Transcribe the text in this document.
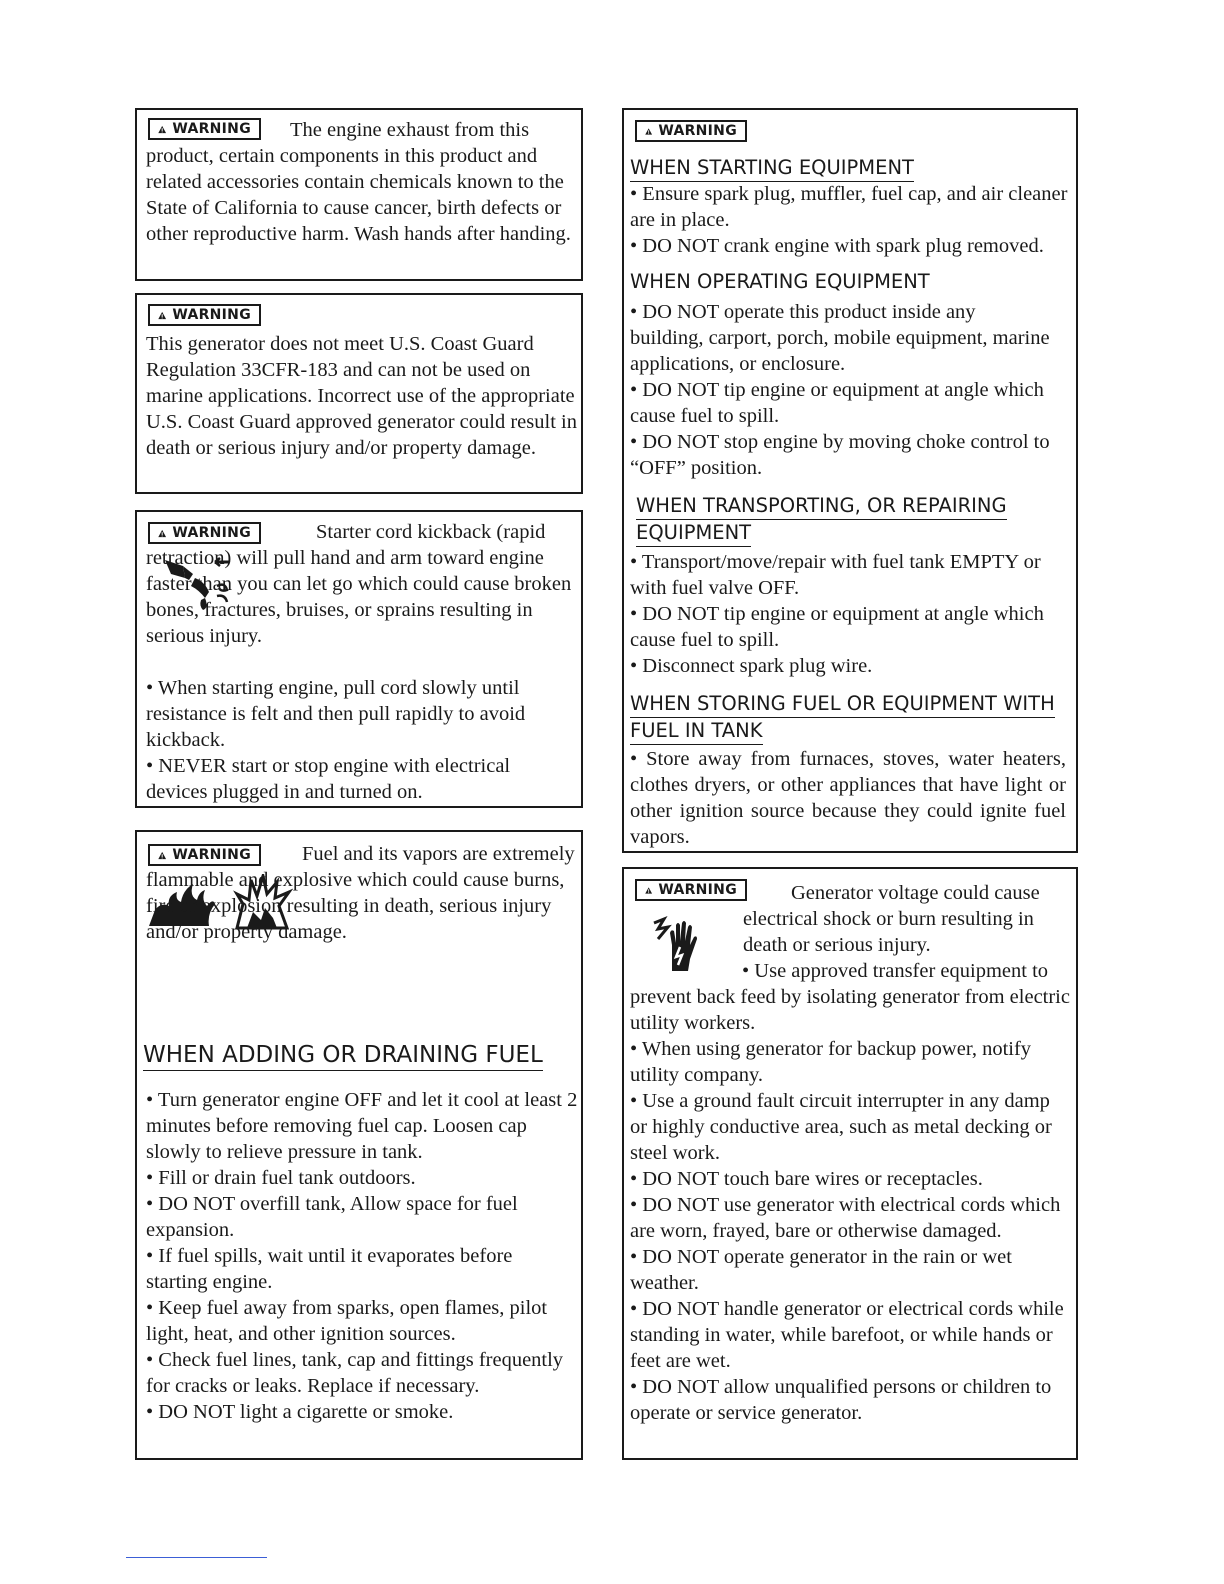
WARNING	The engine exhaust from this product, certain components in this product and related accessories contain chemicals known to the State of California to cause cancer, birth defects or other reproductive harm. Wash hands after handing.

WARNING

This generator does not meet U.S. Coast Guard Regulation 33CFR-183 and can not be used on marine applications. Incorrect use of the appropriate U.S. Coast Guard approved generator could result in death or serious injury and/or property damage.

WARNING	Starter cord kickback (rapid retraction) will pull hand and arm toward engine faster than you can let go which could cause broken bones, fractures, bruises, or sprains resulting in serious injury.

• When starting engine, pull cord slowly until resistance is felt and then pull rapidly to avoid kickback.

• NEVER start or stop engine with electrical devices plugged in and turned on.

WARNING	Fuel and its vapors are extremely flammable and explosive which could cause burns, fire or explosion resulting in death, serious injury and/or property damage.

WHEN ADDING OR DRAINING FUEL

• Turn generator engine OFF and let it cool at least 2 minutes before removing fuel cap. Loosen cap slowly to relieve pressure in tank.

• Fill or drain fuel tank outdoors.

• DO NOT overfill tank, Allow space for fuel expansion.

• If fuel spills, wait until it evaporates before starting engine.

• Keep fuel away from sparks, open flames, pilot light, heat, and other ignition sources.

• Check fuel lines, tank, cap and fittings frequently for cracks or leaks. Replace if necessary.

• DO NOT light a cigarette or smoke.

WARNING
WHEN STARTING EQUIPMENT

• Ensure spark plug, muffler, fuel cap, and air cleaner are in place.

• DO NOT crank engine with spark plug removed.

WHEN OPERATING EQUIPMENT

• DO NOT operate this product inside any building, carport, porch, mobile equipment, marine applications, or enclosure.

• DO NOT tip engine or equipment at angle which cause fuel to spill.

• DO NOT stop engine by moving choke control to “OFF” position.

WHEN TRANSPORTING, OR REPAIRING
EQUIPMENT

• Transport/move/repair with fuel tank EMPTY or with fuel valve OFF.

• DO NOT tip engine or equipment at angle which cause fuel to spill.

• Disconnect spark plug wire.

WHEN STORING FUEL OR EQUIPMENT WITH
FUEL IN TANK

• Store away from furnaces, stoves, water heaters, clothes dryers, or other appliances that have light or other ignition source because they could ignite fuel vapors.

WARNING	Generator voltage could cause electrical shock or burn resulting in death or serious injury.

• Use approved transfer equipment to prevent back feed by isolating generator from electric utility workers.

• When using generator for backup power, notify utility company.

• Use a ground fault circuit interrupter in any damp or highly conductive area, such as metal decking or steel work.

• DO NOT touch bare wires or receptacles.

• DO NOT use generator with electrical cords which are worn, frayed, bare or otherwise damaged.

• DO NOT operate generator in the rain or wet weather.

• DO NOT handle generator or electrical cords while standing in water, while barefoot, or while hands or feet are wet.

• DO NOT allow unqualified persons or children to operate or service generator.
